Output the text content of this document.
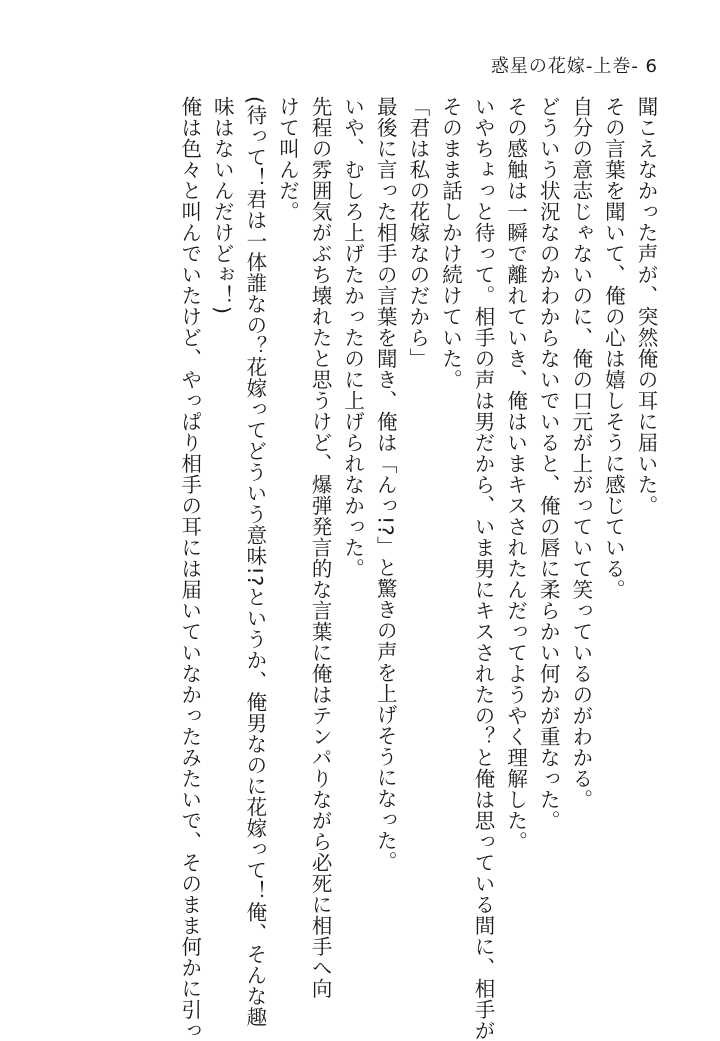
惑星の花嫁-上巻- 6
聞こえなかった声が、突然俺の耳に届いた。
その言葉を聞いて、俺の心は嬉しそうに感じている。
自分の意志じゃないのに、俺の口元が上がっていて笑っているのがわかる。
どういう状況なのかわからないでいると、俺の唇に柔らかい何かが重なった。
その感触は一瞬で離れていき、俺はいまキスされたんだってようやく理解した。
いやちょっと待って。相手の声は男だから、いま男にキスされたの？と俺は思っている間に、相手が
そのまま話しかけ続けていた。
「君は私の花嫁なのだから」
最後に言った相手の言葉を聞き、俺は「んっ!?」と驚きの声を上げそうになった。
いや、むしろ上げたかったのに上げられなかった。
先程の雰囲気がぶち壊れたと思うけど、爆弾発言的な言葉に俺はテンパりながら必死に相手へ向
けて叫んだ。
(待って！君は一体誰なの？花嫁ってどういう意味!?というか、俺男なのに花嫁って！俺、そんな趣
味はないんだけどぉ！)
俺は色々と叫んでいたけど、やっぱり相手の耳には届いていなかったみたいで、そのまま何かに引っ
